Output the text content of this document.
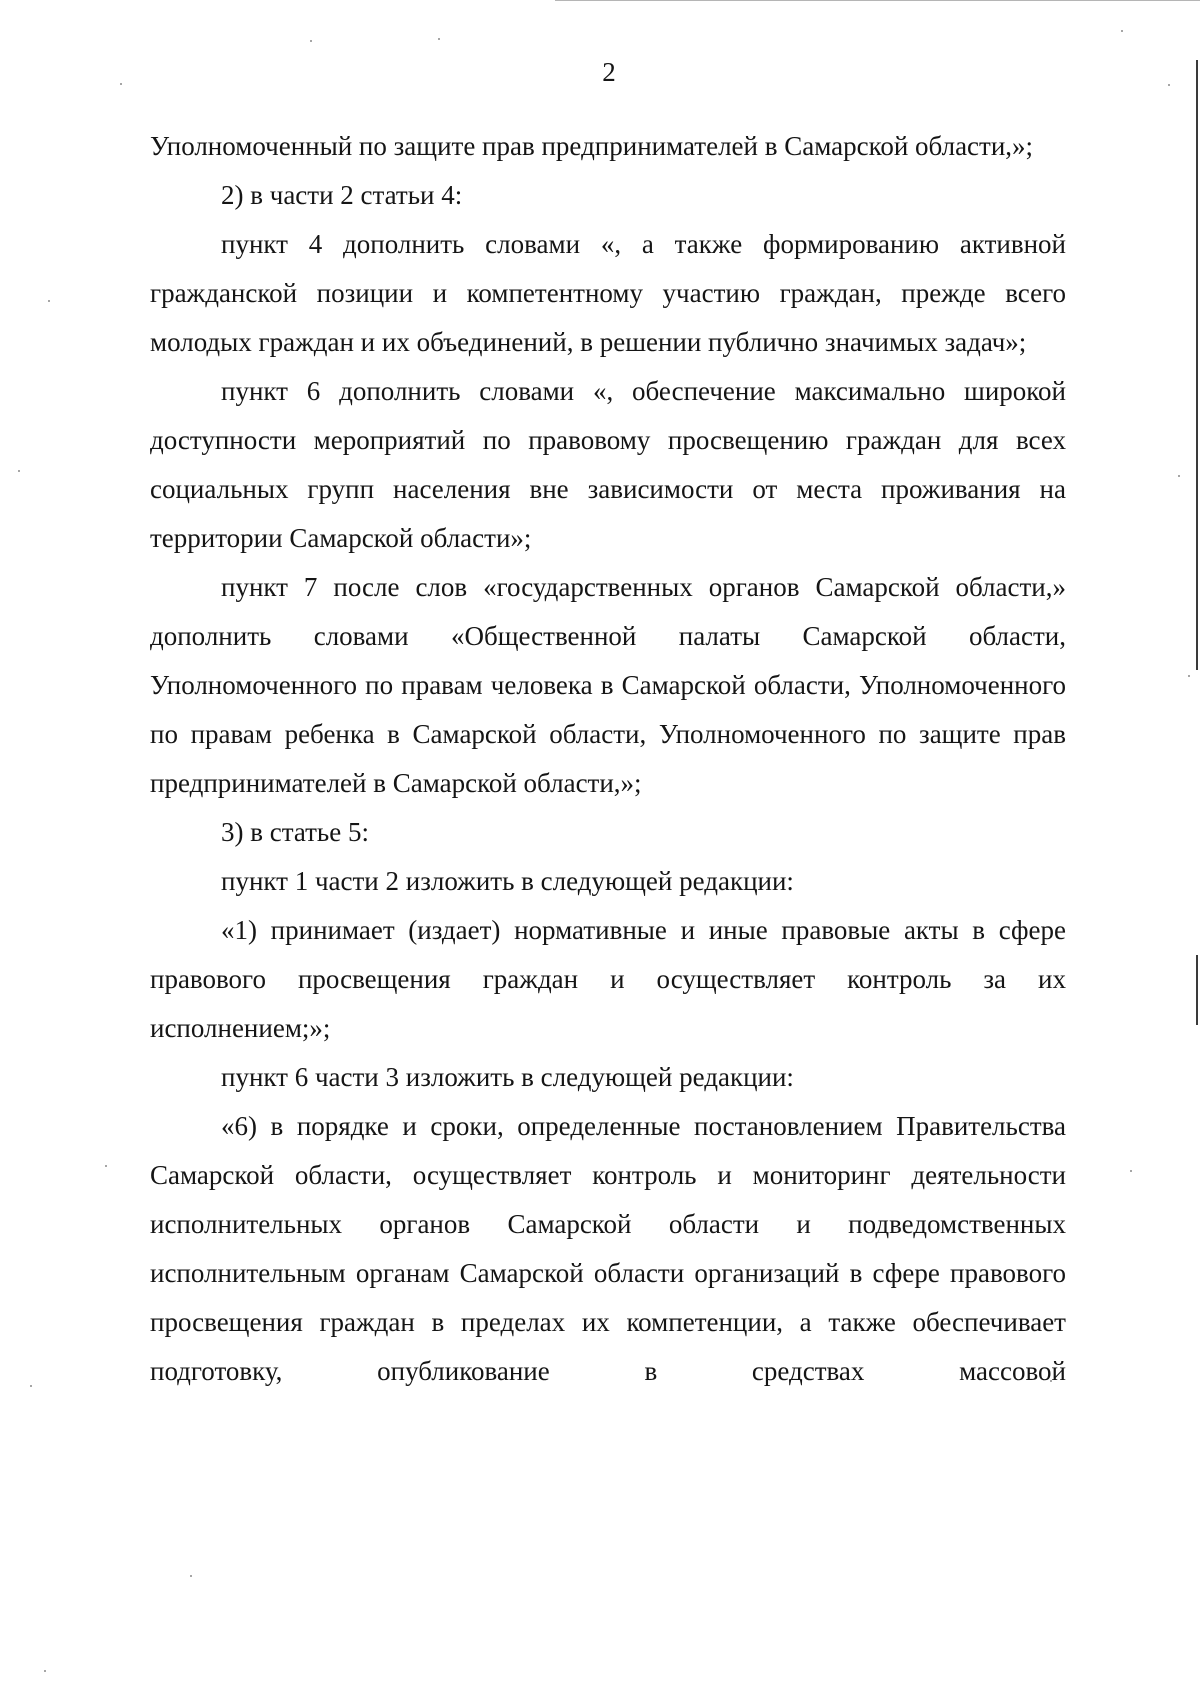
2

Уполномоченный по защите прав предпринимателей в Самарской области,»;

2) в части 2 статьи 4:

пункт 4 дополнить словами «, а также формированию активной гражданской позиции и компетентному участию граждан, прежде всего молодых граждан и их объединений, в решении публично значимых задач»;

пункт 6 дополнить словами «, обеспечение максимально широкой доступности мероприятий по правовому просвещению граждан для всех социальных групп населения вне зависимости от места проживания на территории Самарской области»;

пункт 7 после слов «государственных органов Самарской области,» дополнить словами «Общественной палаты Самарской области, Уполномоченного по правам человека в Самарской области, Уполномоченного по правам ребенка в Самарской области, Уполномоченного по защите прав предпринимателей в Самарской области,»;

3) в статье 5:

пункт 1 части 2 изложить в следующей редакции:

«1) принимает (издает) нормативные и иные правовые акты в сфере правового просвещения граждан и осуществляет контроль за их исполнением;»;

пункт 6 части 3 изложить в следующей редакции:

«6) в порядке и сроки, определенные постановлением Правительства Самарской области, осуществляет контроль и мониторинг деятельности исполнительных органов Самарской области и подведомственных исполнительным органам Самарской области организаций в сфере правового просвещения граждан в пределах их компетенции, а также обеспечивает подготовку, опубликование в средствах массовой
